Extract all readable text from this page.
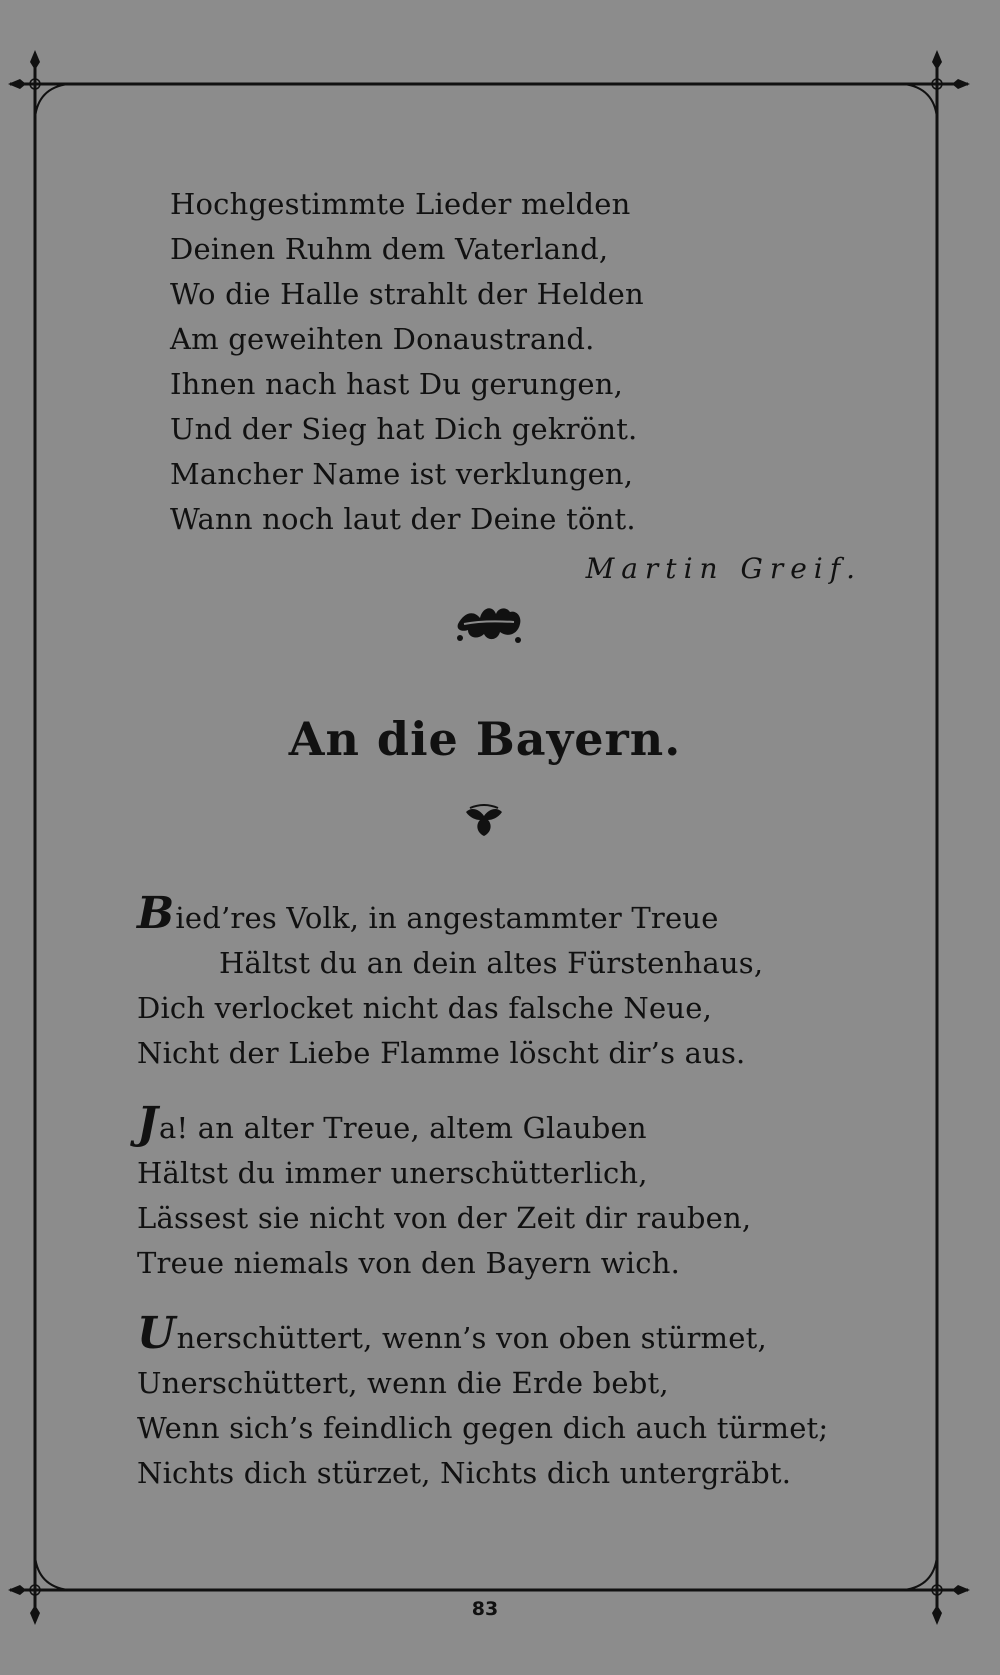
Hochgestimmte Lieder melden
Deinen Ruhm dem Vaterland,
Wo die Halle strahlt der Helden
Am geweihten Donaustrand.
Ihnen nach hast Du gerungen,
Und der Sieg hat Dich gekrönt.
Mancher Name ist verklungen,
Wann noch laut der Deine tönt.
Martin Greif.
An die Bayern.
Bied’res Volk, in angestammter Treue
Hältst du an dein altes Fürstenhaus,
Dich verlocket nicht das falsche Neue,
Nicht der Liebe Flamme löscht dir’s aus.
Ja! an alter Treue, altem Glauben
Hältst du immer unerschütterlich,
Lässest sie nicht von der Zeit dir rauben,
Treue niemals von den Bayern wich.
Unerschüttert, wenn’s von oben stürmet,
Unerschüttert, wenn die Erde bebt,
Wenn sich’s feindlich gegen dich auch türmet;
Nichts dich stürzet, Nichts dich untergräbt.
83
